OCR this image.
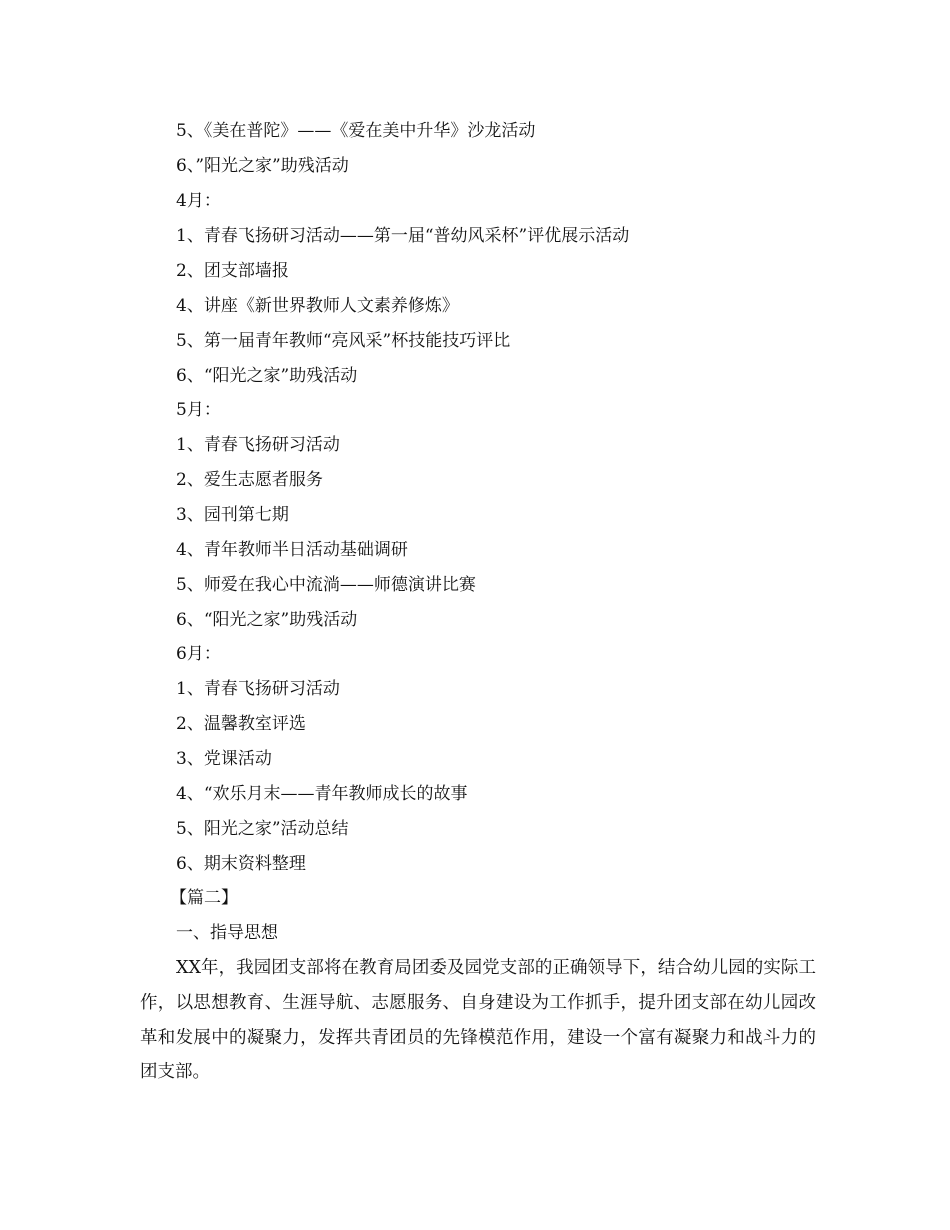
5、《美在普陀》——《爱在美中升华》沙龙活动
6、”阳光之家”助残活动
4月：
1、青春飞扬研习活动——第一届“普幼风采杯”评优展示活动
2、团支部墙报
4、讲座《新世界教师人文素养修炼》
5、第一届青年教师“亮风采”杯技能技巧评比
6、“阳光之家”助残活动
5月：
1、青春飞扬研习活动
2、爱生志愿者服务
3、园刊第七期
4、青年教师半日活动基础调研
5、师爱在我心中流淌——师德演讲比赛
6、“阳光之家”助残活动
6月：
1、青春飞扬研习活动
2、温馨教室评选
3、党课活动
4、“欢乐月末——青年教师成长的故事
5、阳光之家”活动总结
6、期末资料整理
【篇二】
一、指导思想
XX年，我园团支部将在教育局团委及园党支部的正确领导下，结合幼儿园的实际工作，以思想教育、生涯导航、志愿服务、自身建设为工作抓手，提升团支部在幼儿园改革和发展中的凝聚力，发挥共青团员的先锋模范作用，建设一个富有凝聚力和战斗力的团支部。
